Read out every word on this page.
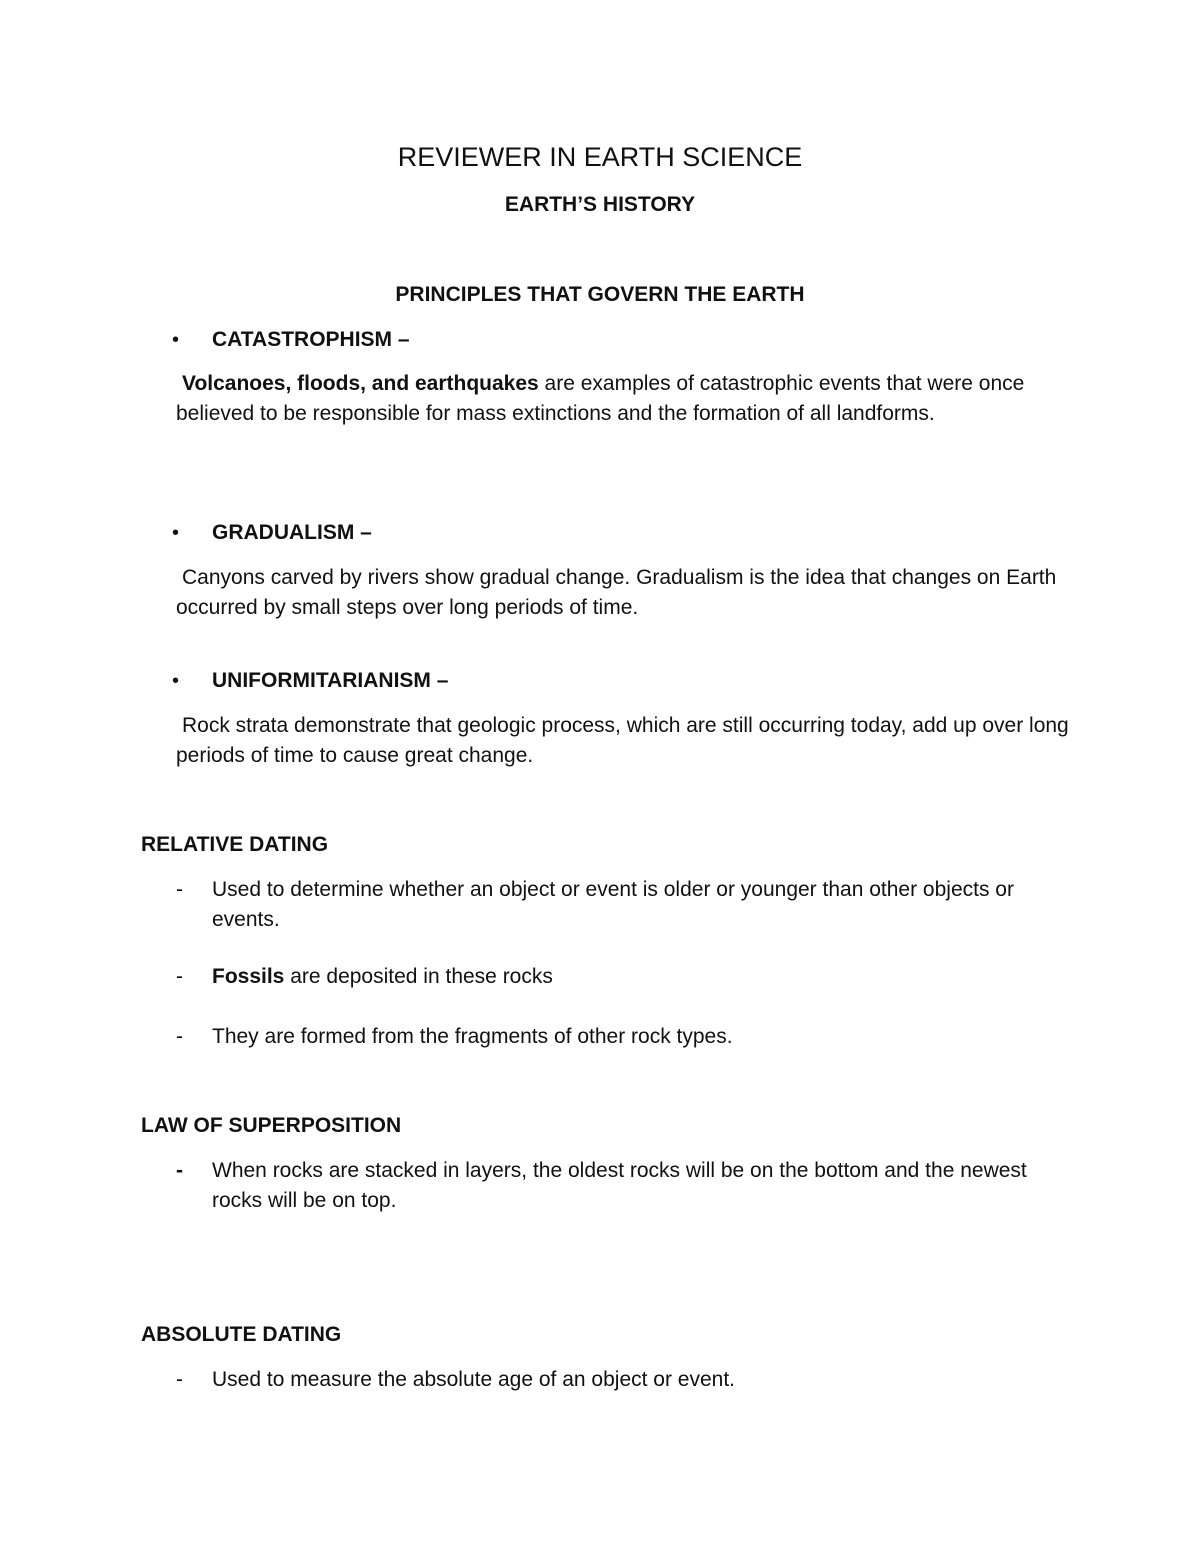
REVIEWER IN EARTH SCIENCE
EARTH’S HISTORY
PRINCIPLES THAT GOVERN THE EARTH
• CATASTROPHISM –

Volcanoes, floods, and earthquakes are examples of catastrophic events that were once believed to be responsible for mass extinctions and the formation of all landforms.

• GRADUALISM –

Canyons carved by rivers show gradual change. Gradualism is the idea that changes on Earth occurred by small steps over long periods of time.

• UNIFORMITARIANISM –

Rock strata demonstrate that geologic process, which are still occurring today, add up over long periods of time to cause great change.

RELATIVE DATING
- Used to determine whether an object or event is older or younger than other objects or events.

- Fossils are deposited in these rocks

- They are formed from the fragments of other rock types.

LAW OF SUPERPOSITION
- When rocks are stacked in layers, the oldest rocks will be on the bottom and the newest rocks will be on top.

ABSOLUTE DATING
- Used to measure the absolute age of an object or event.
